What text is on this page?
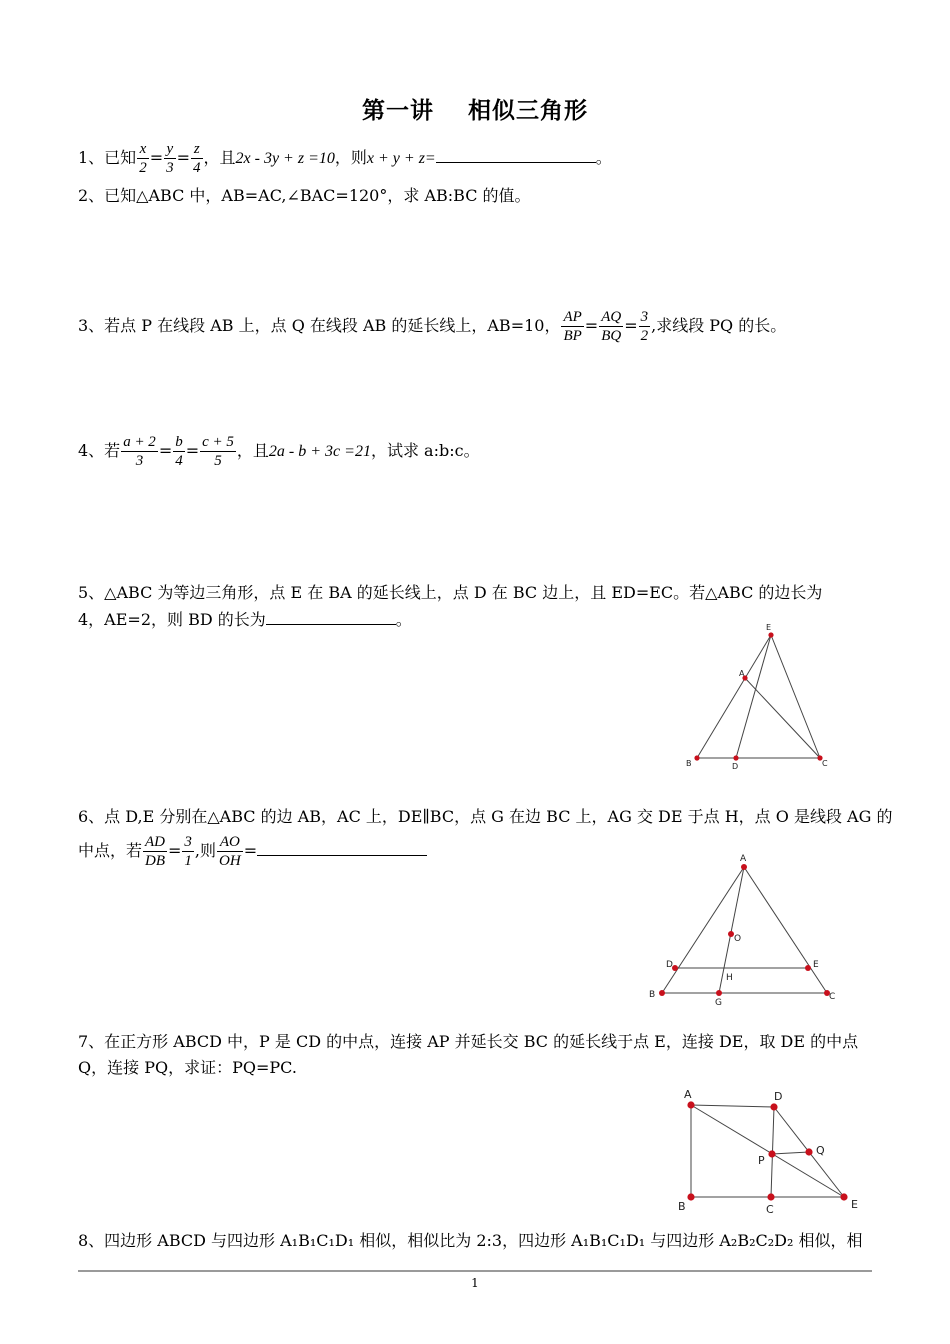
第一讲 相似三角形
1、已知 $\frac{x}{2} = \frac{y}{3} = \frac{z}{4}$ ，且2x - 3y + z =10，则x + y + z=	。
2、已知△ABC 中，AB=AC,∠BAC=120°，求 AB:BC 的值。
3、若点 P 在线段 AB 上，点 Q 在线段 AB 的延长线上，AB=10， $\frac{AP}{BP} = \frac{AQ}{BQ} = \frac{3}{2}$ ,求线段 PQ 的长。
4、若 $\frac{a + 2}{3} = \frac{b}{4} = \frac{c + 5}{5}$ ，且2a - b + 3c =21，试求 a:b:c。
5、△ABC 为等边三角形，点 E 在 BA 的延长线上，点 D 在 BC 边上，且 ED=EC。若△ABC 的边长为
4，AE=2，则 BD 的长为	。	E
A
B	D	C
6、点 D,E 分别在△ABC 的边 AB，AC 上，DE∥BC，点 G 在边 BC 上，AG 交 DE 于点 H，点 O 是线段 AG 的
中点，若 $\frac{AD}{DB} = \frac{3}{1}$ ,则 $\frac{AO}{OH}$ =	A
O
D	E
H
B
G
C
7、在正方形 ABCD 中，P 是 CD 的中点，连接 AP 并延长交 BC 的延长线于点 E，连接 DE，取 DE 的中点
Q，连接 PQ，求证：PQ=PC.
A	D
Q
P
B	C	E
8、四边形 ABCD 与四边形 A₁B₁C₁D₁ 相似，相似比为 2:3，四边形 A₁B₁C₁D₁ 与四边形 A₂B₂C₂D₂ 相似，相
1
